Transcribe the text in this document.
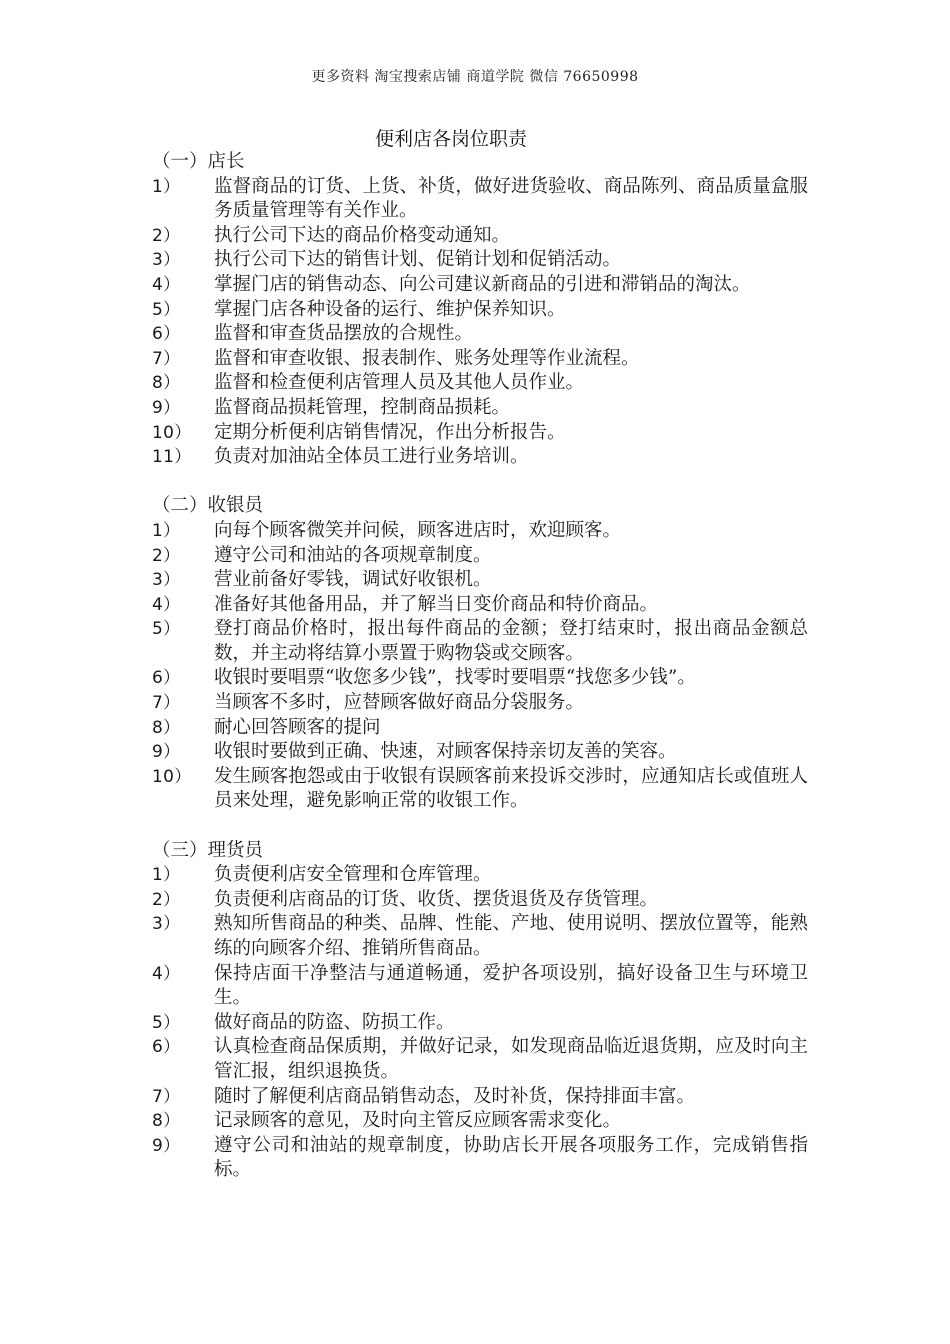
更多资料 淘宝搜索店铺 商道学院 微信 76650998
便利店各岗位职责
（一）店长
1）	监督商品的订货、上货、补货，做好进货验收、商品陈列、商品质量盒服务质量管理等有关作业。
2）	执行公司下达的商品价格变动通知。
3）	执行公司下达的销售计划、促销计划和促销活动。
4）	掌握门店的销售动态、向公司建议新商品的引进和滞销品的淘汰。
5）	掌握门店各种设备的运行、维护保养知识。
6）	监督和审查货品摆放的合规性。
7）	监督和审查收银、报表制作、账务处理等作业流程。
8）	监督和检查便利店管理人员及其他人员作业。
9）	监督商品损耗管理，控制商品损耗。
10）	定期分析便利店销售情况，作出分析报告。
11）	负责对加油站全体员工进行业务培训。
（二）收银员
1）	向每个顾客微笑并问候，顾客进店时，欢迎顾客。
2）	遵守公司和油站的各项规章制度。
3）	营业前备好零钱，调试好收银机。
4）	准备好其他备用品，并了解当日变价商品和特价商品。
5）	登打商品价格时，报出每件商品的金额；登打结束时，报出商品金额总数，并主动将结算小票置于购物袋或交顾客。
6）	收银时要唱票“收您多少钱”，找零时要唱票“找您多少钱”。
7）	当顾客不多时，应替顾客做好商品分袋服务。
8）	耐心回答顾客的提问
9）	收银时要做到正确、快速，对顾客保持亲切友善的笑容。
10）	发生顾客抱怨或由于收银有误顾客前来投诉交涉时，应通知店长或值班人员来处理，避免影响正常的收银工作。
（三）理货员
1）	负责便利店安全管理和仓库管理。
2）	负责便利店商品的订货、收货、摆货退货及存货管理。
3）	熟知所售商品的种类、品牌、性能、产地、使用说明、摆放位置等，能熟练的向顾客介绍、推销所售商品。
4）	保持店面干净整洁与通道畅通，爱护各项设别，搞好设备卫生与环境卫生。
5）	做好商品的防盗、防损工作。
6）	认真检查商品保质期，并做好记录，如发现商品临近退货期，应及时向主管汇报，组织退换货。
7）	随时了解便利店商品销售动态，及时补货，保持排面丰富。
8）	记录顾客的意见，及时向主管反应顾客需求变化。
9）	遵守公司和油站的规章制度，协助店长开展各项服务工作，完成销售指标。
